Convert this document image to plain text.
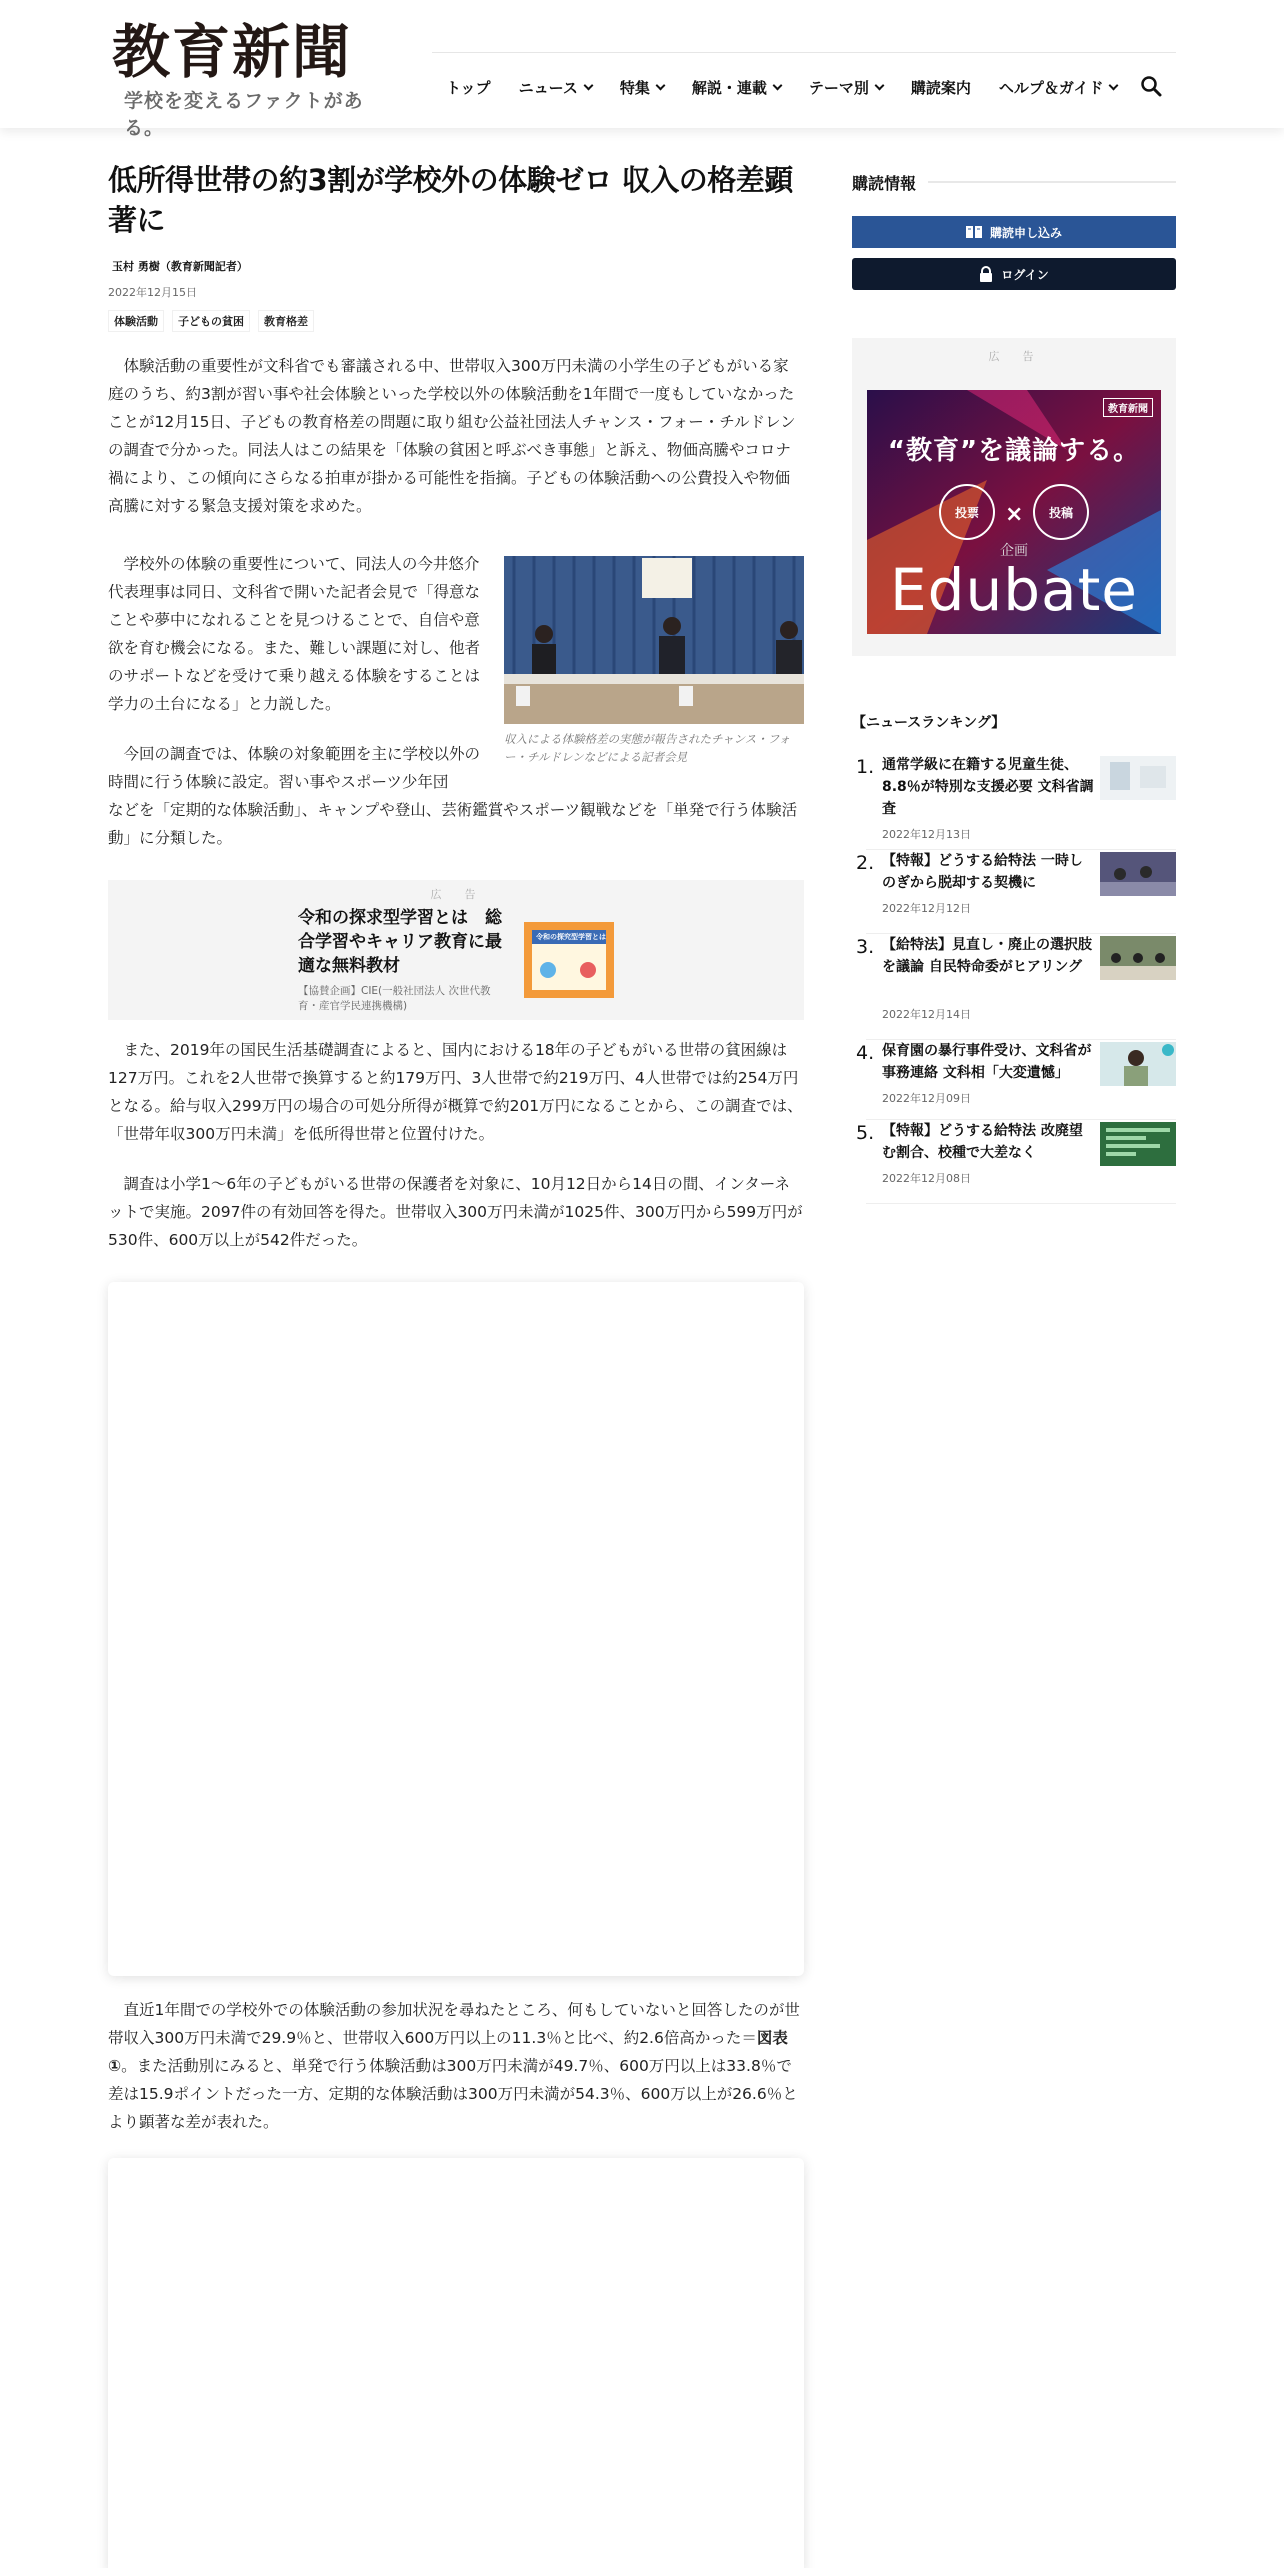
教育新聞
学校を変えるファクトがある。
トップ ニュース	特集	解説・連載	テーマ別	購読案内 ヘルプ＆ガイド
低所得世帯の約3割が学校外の体験ゼロ 収入の格差顕著に
玉村 勇樹（教育新聞記者）
2022年12月15日
体験活動	子どもの貧困	教育格差

体験活動の重要性が文科省でも審議される中、世帯収入300万円未満の小学生の子どもがいる家庭のうち、約3割が習い事や社会体験といった学校以外の体験活動を1年間で一度もしていなかったことが12月15日、子どもの教育格差の問題に取り組む公益社団法人チャンス・フォー・チルドレンの調査で分かった。同法人はこの結果を「体験の貧困と呼ぶべき事態」と訴え、物価高騰やコロナ禍により、この傾向にさらなる拍車が掛かる可能性を指摘。子どもの体験活動への公費投入や物価高騰に対する緊急支援対策を求めた。

学校外の体験の重要性について、同法人の今井悠介代表理事は同日、文科省で開いた記者会見で「得意なことや夢中になれることを見つけることで、自信や意欲を育む機会になる。また、難しい課題に対し、他者のサポートなどを受けて乗り越える体験をすることは学力の土台になる」と力説した。

収入による体験格差の実態が報告されたチャンス・フォー・チルドレンなどによる記者会見

今回の調査では、体験の対象範囲を主に学校以外の時間に行う体験に設定。習い事やスポーツ少年団
などを「定期的な体験活動」、キャンプや登山、芸術鑑賞やスポーツ観戦などを「単発で行う体験活動」に分類した。

広　告
令和の探求型学習とは　総合学習やキャリア教育に最適な無料教材
【協賛企画】CIE(一般社団法人 次世代教育・産官学民連携機構)
令和の探究型学習とは

また、2019年の国民生活基礎調査によると、国内における18年の子どもがいる世帯の貧困線は127万円。これを2人世帯で換算すると約179万円、3人世帯で約219万円、4人世帯では約254万円となる。給与収入299万円の場合の可処分所得が概算で約201万円になることから、この調査では、「世帯年収300万円未満」を低所得世帯と位置付けた。

調査は小学1～6年の子どもがいる世帯の保護者を対象に、10月12日から14日の間、インターネットで実施。2097件の有効回答を得た。世帯収入300万円未満が1025件、300万円から599万円が530件、600万以上が542件だった。

直近1年間での学校外での体験活動の参加状況を尋ねたところ、何もしていないと回答したのが世帯収入300万円未満で29.9％と、世帯収入600万円以上の11.3％と比べ、約2.6倍高かった＝図表①。また活動別にみると、単発で行う体験活動は300万円未満が49.7％、600万円以上は33.8％で差は15.9ポイントだった一方、定期的な体験活動は300万円未満が54.3％、600万以上が26.6％とより顕著な差が表れた。

購読情報
購読申し込み
ログイン
広　告
教育新聞
“教育”を議論する。
投票	×	投稿
企画
Edubate
【ニュースランキング】
1. 通常学級に在籍する児童生徒、8.8％が特別な支援必要 文科省調査
2022年12月13日
2. 【特報】どうする給特法 一時しのぎから脱却する契機に
2022年12月12日
3. 【給特法】見直し・廃止の選択肢を議論 自民特命委がヒアリング
2022年12月14日
4. 保育園の暴行事件受け、文科省が事務連絡 文科相「大変遺憾」
2022年12月09日
5. 【特報】どうする給特法 改廃望む割合、校種で大差なく
2022年12月08日
